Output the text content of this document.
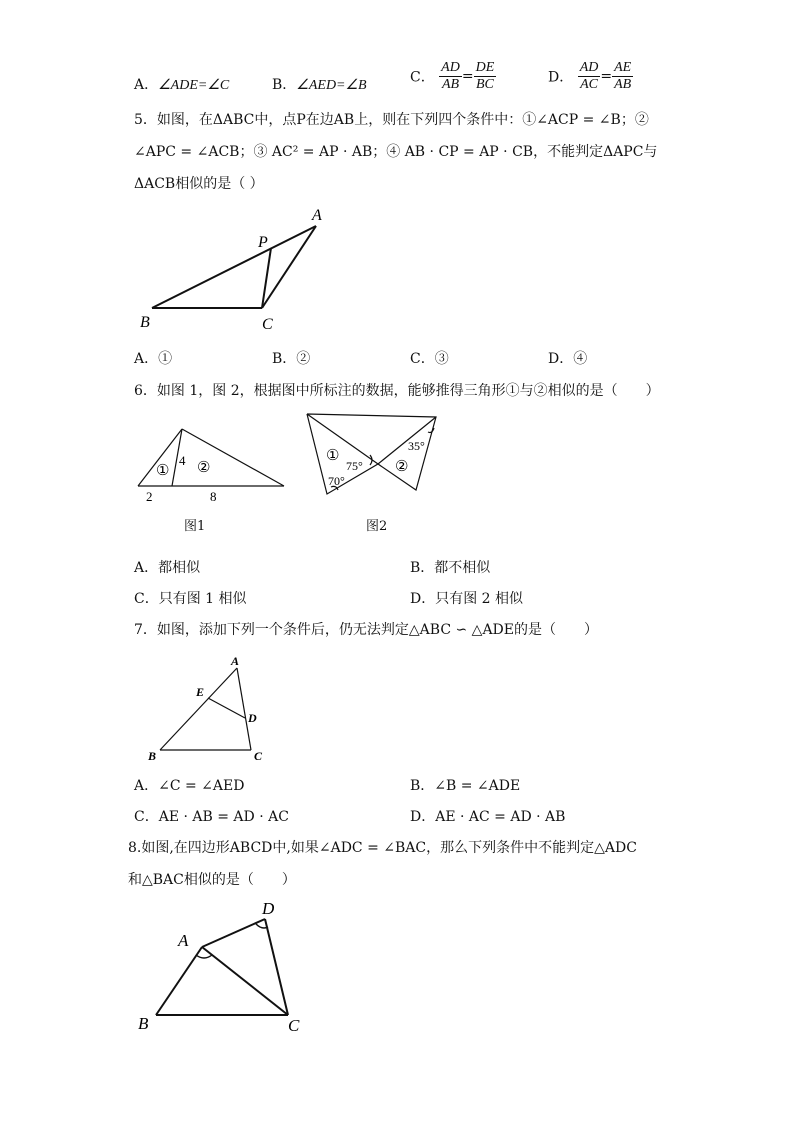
A．∠ADE=∠C	B．∠AED=∠B	C． $\frac{AD}{AB} = \frac{DE}{BC}$	D． $\frac{AD}{AC} = \frac{AE}{AB}$
5．如图，在ΔABC中，点P在边AB上，则在下列四个条件中：①∠ACP = ∠B；②
∠APC = ∠ACB；③ AC² = AP · AB；④ AB · CP = AP · CB，不能判定ΔAPC与
ΔACB相似的是（ ）
A
P
B	C
A．①	B．②	C．③	D．④
6．如图 1，图 2，根据图中所标注的数据，能够推得三角形①与②相似的是（　　）
① ②
4
2	8
图1
①
②
75°
70°
35°
图2
A．都相似	B．都不相似
C．只有图 1 相似	D．只有图 2 相似
7．如图，添加下列一个条件后，仍无法判定△ABC ∽ △ADE的是（　　）
A
E
D
B	C
A．∠C = ∠AED	B．∠B = ∠ADE
C．AE · AB = AD · AC	D．AE · AC = AD · AB
8.如图,在四边形ABCD中,如果∠ADC = ∠BAC，那么下列条件中不能判定△ADC
和△BAC相似的是（　　）
A
D
B	C
